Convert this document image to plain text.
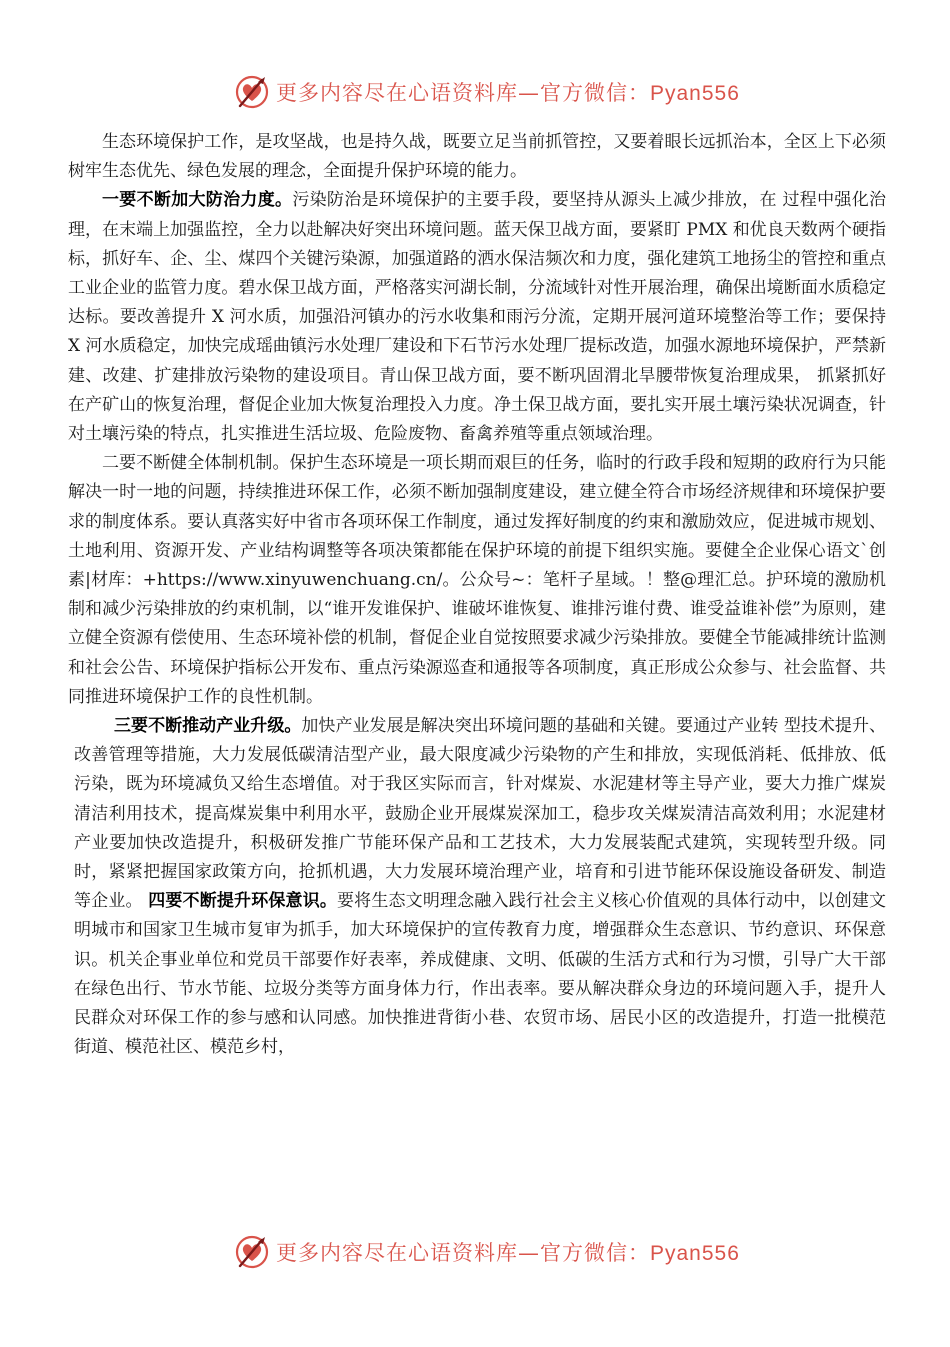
更多内容尽在心语资料库—官方微信：Pyan556

生态环境保护工作，是攻坚战，也是持久战，既要立足当前抓管控，又要着眼长远抓治本，全区上下必须树牢生态优先、绿色发展的理念，全面提升保护环境的能力。

一要不断加大防治力度。污染防治是环境保护的主要手段，要坚持从源头上减少排放，在 过程中强化治理，在末端上加强监控，全力以赴解决好突出环境问题。蓝天保卫战方面，要紧盯 PMX 和优良天数两个硬指标，抓好车、企、尘、煤四个关键污染源，加强道路的洒水保洁频次和力度，强化建筑工地扬尘的管控和重点工业企业的监管力度。碧水保卫战方面，严格落实河湖长制，分流域针对性开展治理，确保出境断面水质稳定达标。要改善提升 X 河水质，加强沿河镇办的污水收集和雨污分流，定期开展河道环境整治等工作；要保持 X 河水质稳定，加快完成瑶曲镇污水处理厂建设和下石节污水处理厂提标改造，加强水源地环境保护，严禁新建、改建、扩建排放污染物的建设项目。青山保卫战方面，要不断巩固渭北旱腰带恢复治理成果， 抓紧抓好在产矿山的恢复治理，督促企业加大恢复治理投入力度。净土保卫战方面，要扎实开展土壤污染状况调查，针对土壤污染的特点，扎实推进生活垃圾、危险废物、畜禽养殖等重点领域治理。

二要不断健全体制机制。保护生态环境是一项长期而艰巨的任务，临时的行政手段和短期的政府行为只能解决一时一地的问题，持续推进环保工作，必须不断加强制度建设，建立健全符合市场经济规律和环境保护要求的制度体系。要认真落实好中省市各项环保工作制度，通过发挥好制度的约束和激励效应，促进城市规划、土地利用、资源开发、产业结构调整等各项决策都能在保护环境的前提下组织实施。要健全企业保心语文`创素|材库：+https://www.xinyuwenchuang.cn/。公众号~：笔杆子星域。！整@理汇总。护环境的激励机制和减少污染排放的约束机制，以“谁开发谁保护、谁破坏谁恢复、谁排污谁付费、谁受益谁补偿”为原则，建立健全资源有偿使用、生态环境补偿的机制，督促企业自觉按照要求减少污染排放。要健全节能减排统计监测和社会公告、环境保护指标公开发布、重点污染源巡查和通报等各项制度，真正形成公众参与、社会监督、共同推进环境保护工作的良性机制。

三要不断推动产业升级。加快产业发展是解决突出环境问题的基础和关键。要通过产业转 型技术提升、改善管理等措施，大力发展低碳清洁型产业，最大限度减少污染物的产生和排放，实现低消耗、低排放、低污染，既为环境减负又给生态增值。对于我区实际而言，针对煤炭、水泥建材等主导产业，要大力推广煤炭清洁利用技术，提高煤炭集中利用水平，鼓励企业开展煤炭深加工，稳步攻关煤炭清洁高效利用；水泥建材产业要加快改造提升，积极研发推广节能环保产品和工艺技术，大力发展装配式建筑，实现转型升级。同时，紧紧把握国家政策方向，抢抓机遇，大力发展环境治理产业，培育和引进节能环保设施设备研发、制造等企业。 四要不断提升环保意识。要将生态文明理念融入践行社会主义核心价值观的具体行动中，以创建文明城市和国家卫生城市复审为抓手，加大环境保护的宣传教育力度，增强群众生态意识、节约意识、环保意识。机关企事业单位和党员干部要作好表率，养成健康、文明、低碳的生活方式和行为习惯，引导广大干部在绿色出行、节水节能、垃圾分类等方面身体力行，作出表率。要从解决群众身边的环境问题入手，提升人民群众对环保工作的参与感和认同感。加快推进背街小巷、农贸市场、居民小区的改造提升，打造一批模范街道、模范社区、模范乡村，

更多内容尽在心语资料库—官方微信：Pyan556
